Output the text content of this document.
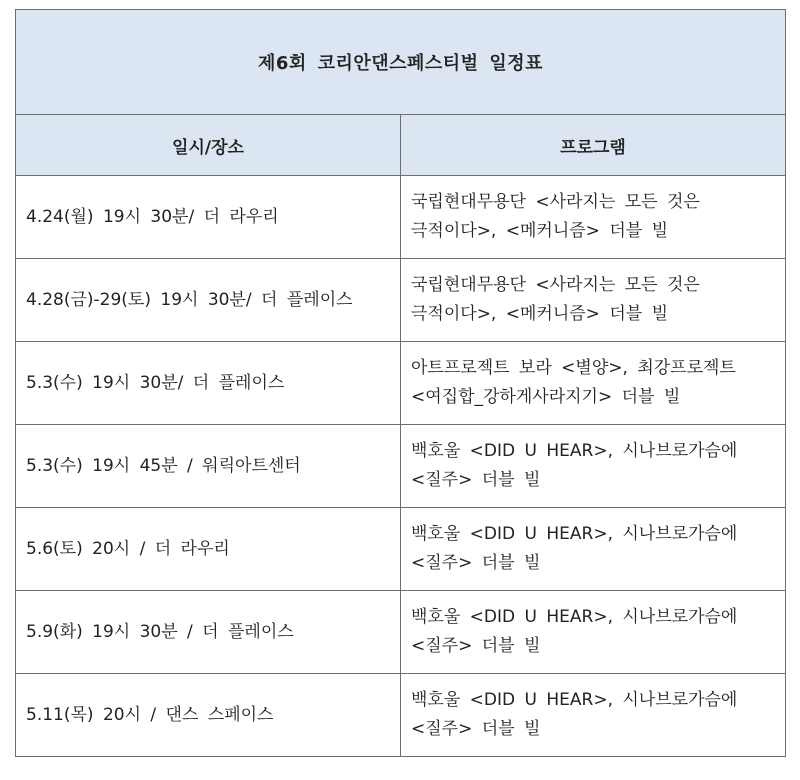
제6회 코리안댄스페스티벌 일정표	
일시/장소	프로그램
4.24(월) 19시 30분/ 더 라우리	국립현대무용단 <사라지는 모든 것은
극적이다>, <메커니즘> 더블 빌

4.28(금)-29(토) 19시 30분/ 더 플레이스	국립현대무용단 <사라지는 모든 것은
극적이다>, <메커니즘> 더블 빌

5.3(수) 19시 30분/ 더 플레이스	아트프로젝트 보라 <별양>, 최강프로젝트
<여집합_강하게사라지기> 더블 빌

5.3(수) 19시 45분 / 워릭아트센터	백호울 <DID U HEAR>, 시나브로가슴에
<질주> 더블 빌

5.6(토) 20시 / 더 라우리	백호울 <DID U HEAR>, 시나브로가슴에
<질주> 더블 빌

5.9(화) 19시 30분 / 더 플레이스	백호울 <DID U HEAR>, 시나브로가슴에
<질주> 더블 빌

5.11(목) 20시 / 댄스 스페이스	백호울 <DID U HEAR>, 시나브로가슴에
<질주> 더블 빌
